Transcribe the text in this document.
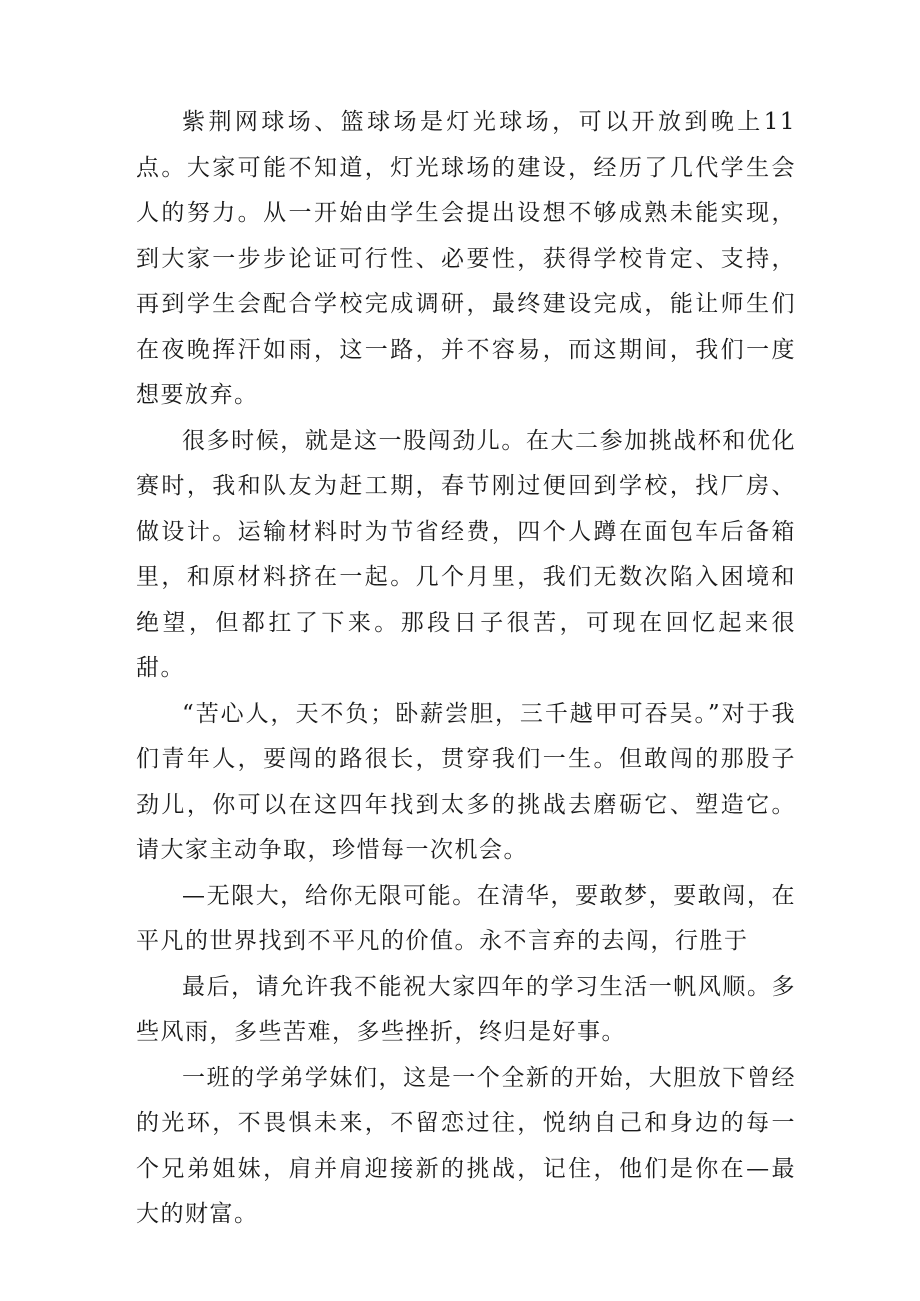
紫荆网球场、篮球场是灯光球场，可以开放到晚上11点。大家可能不知道，灯光球场的建设，经历了几代学生会人的努力。从一开始由学生会提出设想不够成熟未能实现，到大家一步步论证可行性、必要性，获得学校肯定、支持，再到学生会配合学校完成调研，最终建设完成，能让师生们在夜晚挥汗如雨，这一路，并不容易，而这期间，我们一度想要放弃。

很多时候，就是这一股闯劲儿。在大二参加挑战杯和优化赛时，我和队友为赶工期，春节刚过便回到学校，找厂房、做设计。运输材料时为节省经费，四个人蹲在面包车后备箱里，和原材料挤在一起。几个月里，我们无数次陷入困境和绝望，但都扛了下来。那段日子很苦，可现在回忆起来很甜。

“苦心人，天不负；卧薪尝胆，三千越甲可吞吴。”对于我们青年人，要闯的路很长，贯穿我们一生。但敢闯的那股子劲儿，你可以在这四年找到太多的挑战去磨砺它、塑造它。请大家主动争取，珍惜每一次机会。

—无限大，给你无限可能。在清华，要敢梦，要敢闯，在平凡的世界找到不平凡的价值。永不言弃的去闯，行胜于

最后，请允许我不能祝大家四年的学习生活一帆风顺。多些风雨，多些苦难，多些挫折，终归是好事。

一班的学弟学妹们，这是一个全新的开始，大胆放下曾经的光环，不畏惧未来，不留恋过往，悦纳自己和身边的每一个兄弟姐妹，肩并肩迎接新的挑战，记住，他们是你在—最大的财富。
